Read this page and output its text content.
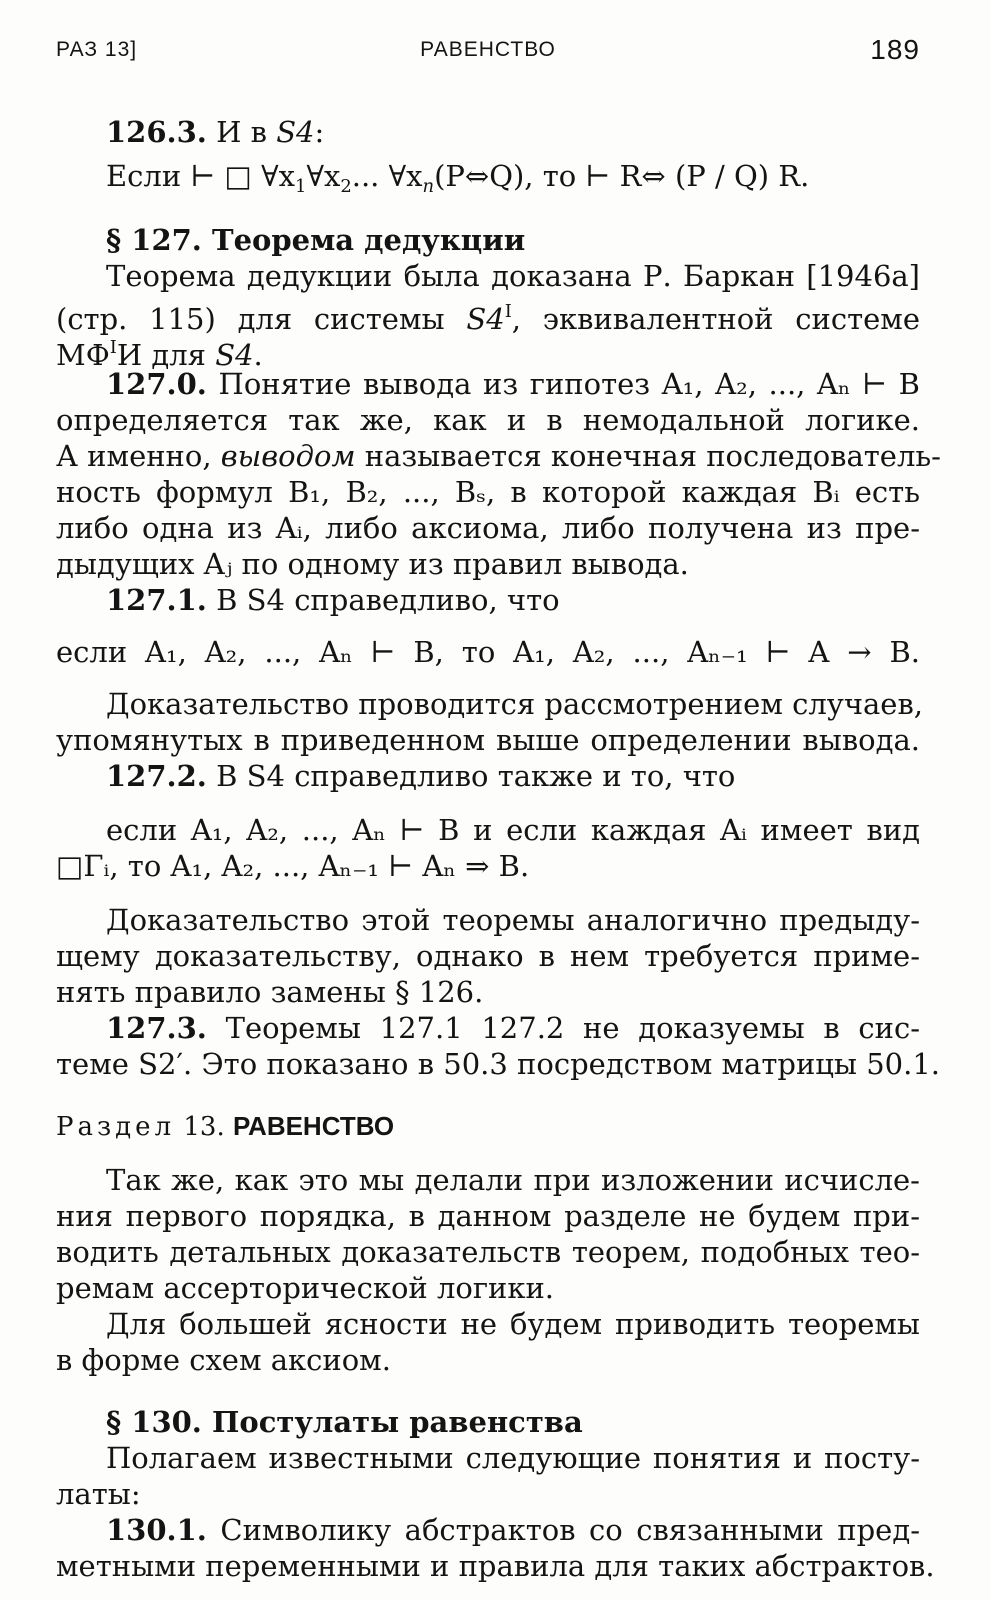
РАЗ 13]	РАВЕНСТВО	189
126.3. И в S4:
Если ⊢ □ $\forall x_1\forall x_2$... $\forall x_n(P\Leftrightarrow Q)$, то ⊢ R⇔ (P ∕ Q) R.
§ 127. Теорема дедукции
Теорема дедукции была доказана Р. Баркан [1946a]
(стр. 115) для системы $S4^I$, эквивалентной системе
$МФ^IИ$ для S4.
127.0. Понятие вывода из гипотез A₁, A₂, ..., Aₙ ⊢ B
определяется так же, как и в немодальной логике.
А именно, выводом называется конечная последователь-
ность формул B₁, B₂, ..., Bₛ, в которой каждая Bᵢ есть
либо одна из Aᵢ, либо аксиома, либо получена из пре-
дыдущих Aⱼ по одному из правил вывода.
127.1. В S4 справедливо, что
если A₁, A₂, ..., Aₙ ⊢ B, то A₁, A₂, ..., Aₙ₋₁ ⊢ A → B.
Доказательство проводится рассмотрением случаев,
упомянутых в приведенном выше определении вывода.
127.2. В S4 справедливо также и то, что
если A₁, A₂, ..., Aₙ ⊢ B и если каждая Aᵢ имеет вид
□Γᵢ, то A₁, A₂, ..., Aₙ₋₁ ⊢ Aₙ ⇒ B.
Доказательство этой теоремы аналогично предыду-
щему доказательству, однако в нем требуется приме-
нять правило замены § 126.
127.3. Теоремы 127.1 127.2 не доказуемы в сис-
теме S2′. Это показано в 50.3 посредством матрицы 50.1.
Раздел 13. РАВЕНСТВО
Так же, как это мы делали при изложении исчисле-
ния первого порядка, в данном разделе не будем при-
водить детальных доказательств теорем, подобных тео-
ремам ассерторической логики.
Для большей ясности не будем приводить теоремы
в форме схем аксиом.
§ 130. Постулаты равенства
Полагаем известными следующие понятия и посту-
латы:
130.1. Символику абстрактов со связанными пред-
метными переменными и правила для таких абстрактов.
